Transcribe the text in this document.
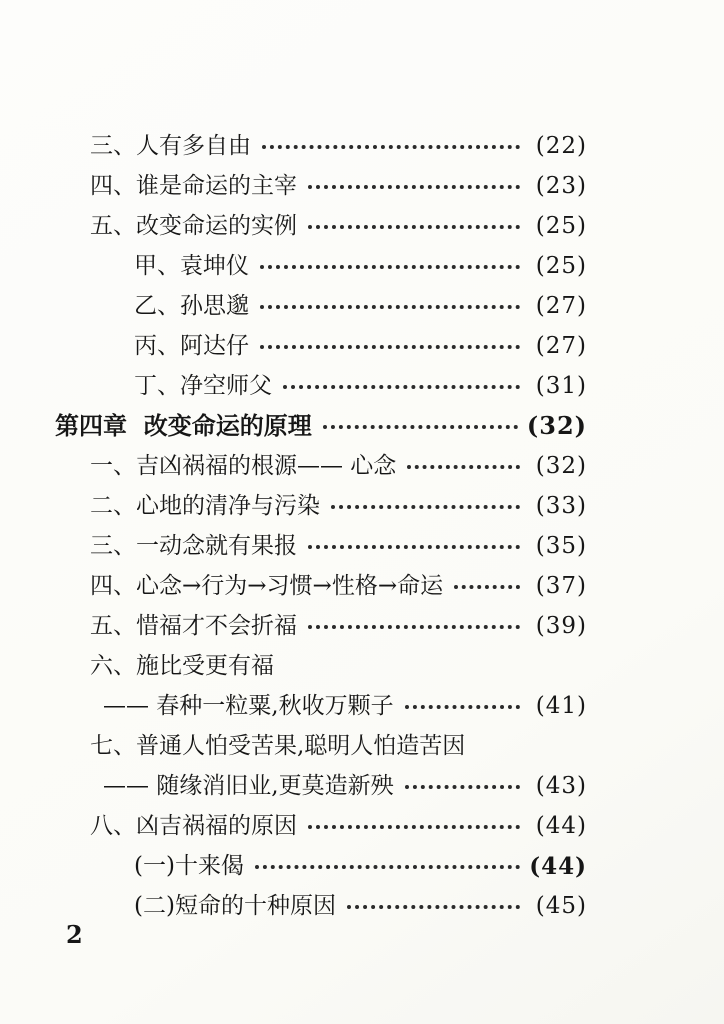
三、人有多自由	(22)
四、谁是命运的主宰	(23)
五、改变命运的实例	(25)
甲、袁坤仪	(25)
乙、孙思邈	(27)
丙、阿达仔	(27)
丁、净空师父	(31)
第四章  改变命运的原理	(32)
一、吉凶祸福的根源—— 心念	(32)
二、心地的清净与污染	(33)
三、一动念就有果报	(35)
四、心念→行为→习惯→性格→命运	(37)
五、惜福才不会折福	(39)
六、施比受更有福
—— 春种一粒粟,秋收万颗子	(41)
七、普通人怕受苦果,聪明人怕造苦因
—— 随缘消旧业,更莫造新殃	(43)
八、凶吉祸福的原因	(44)
(一)十来偈	(44)
(二)短命的十种原因	(45)
2
